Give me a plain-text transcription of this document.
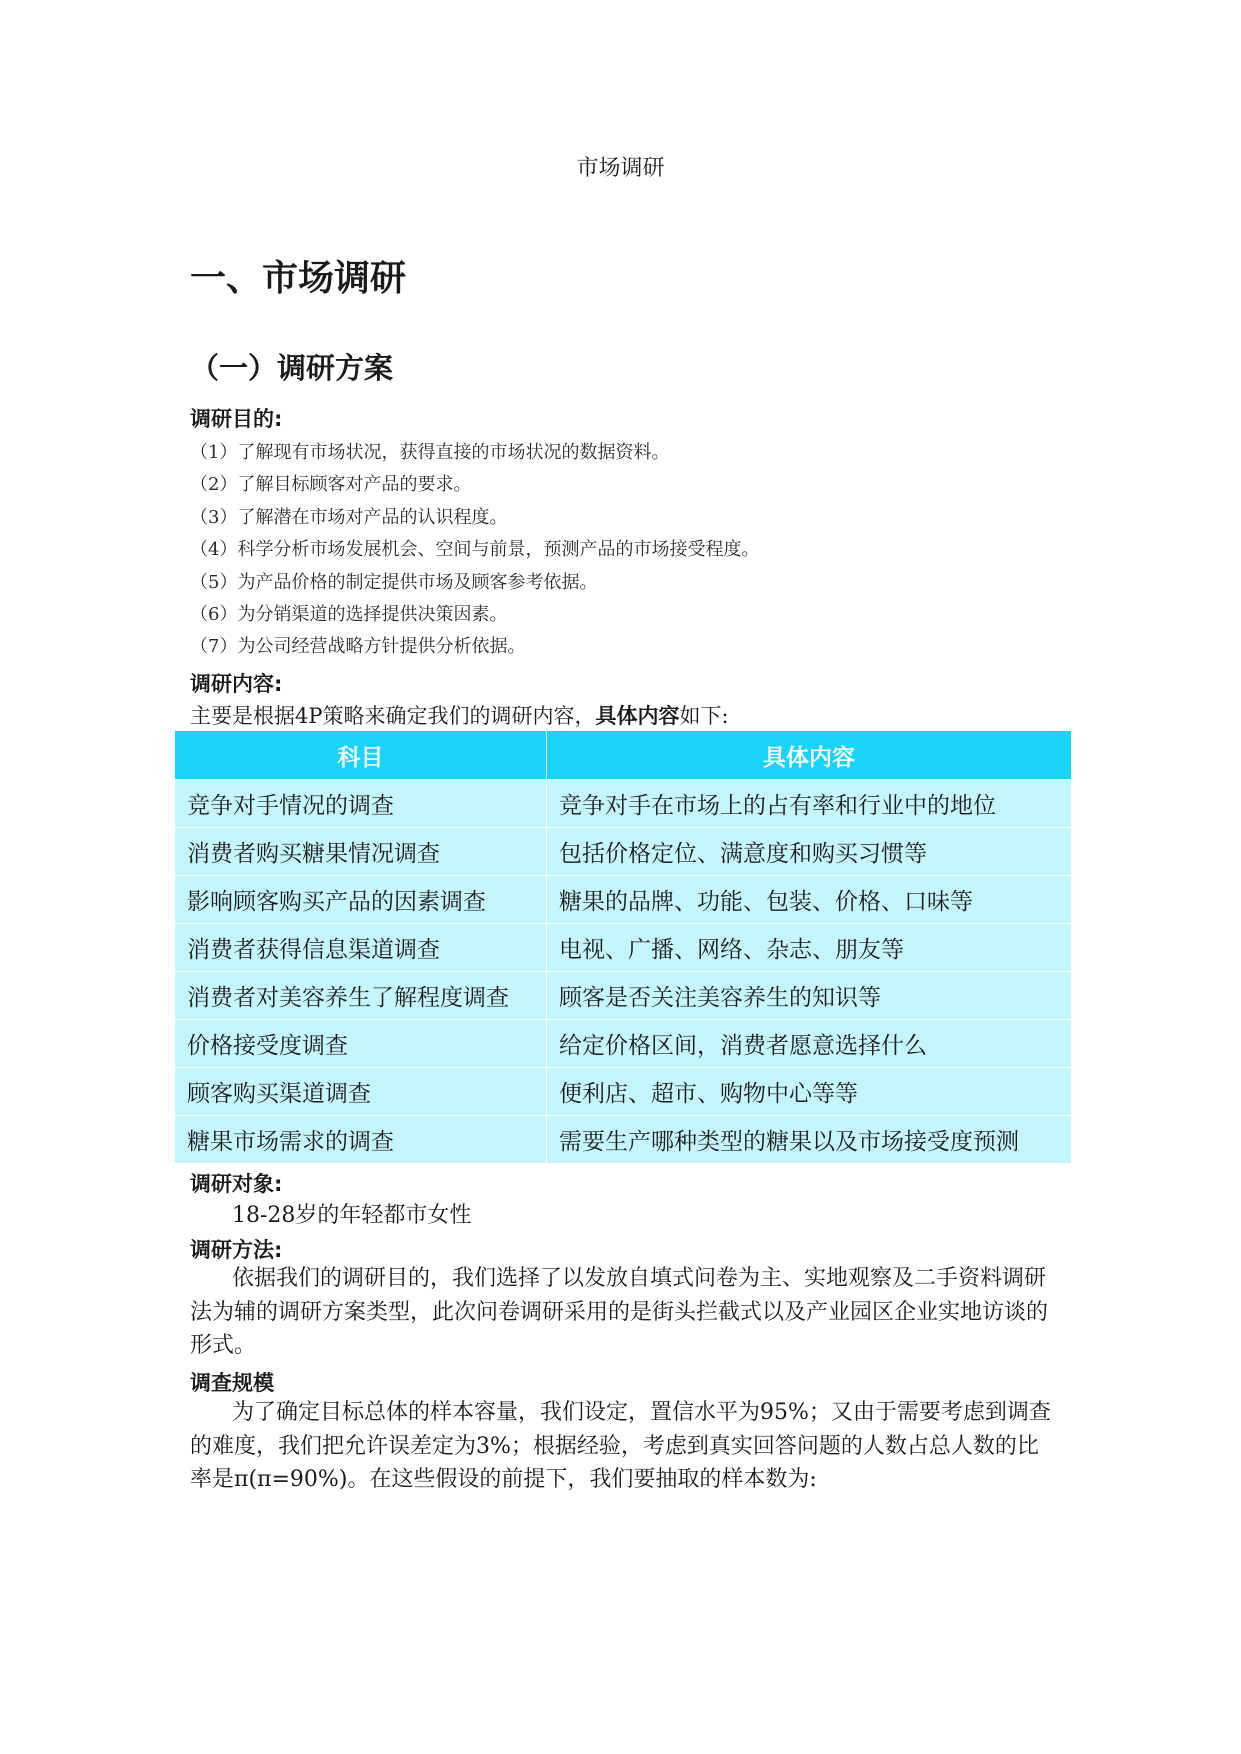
市场调研
一、市场调研
（一）调研方案
调研目的:
（1）了解现有市场状况，获得直接的市场状况的数据资料。
（2）了解目标顾客对产品的要求。
（3）了解潜在市场对产品的认识程度。
（4）科学分析市场发展机会、空间与前景，预测产品的市场接受程度。
（5）为产品价格的制定提供市场及顾客参考依据。
（6）为分销渠道的选择提供决策因素。
（7）为公司经营战略方针提供分析依据。
调研内容:
主要是根据4P策略来确定我们的调研内容，具体内容如下:
科目	具体内容
竞争对手情况的调查	竞争对手在市场上的占有率和行业中的地位
消费者购买糖果情况调查	包括价格定位、满意度和购买习惯等
影响顾客购买产品的因素调查	糖果的品牌、功能、包装、价格、口味等
消费者获得信息渠道调查	电视、广播、网络、杂志、朋友等
消费者对美容养生了解程度调查	顾客是否关注美容养生的知识等
价格接受度调查	给定价格区间，消费者愿意选择什么
顾客购买渠道调查	便利店、超市、购物中心等等
糖果市场需求的调查	需要生产哪种类型的糖果以及市场接受度预测
调研对象:
18-28岁的年轻都市女性
调研方法:
依据我们的调研目的，我们选择了以发放自填式问卷为主、实地观察及二手资料调研法为辅的调研方案类型，此次问卷调研采用的是街头拦截式以及产业园区企业实地访谈的形式。
调查规模
为了确定目标总体的样本容量，我们设定，置信水平为95%；又由于需要考虑到调查的难度，我们把允许误差定为3%；根据经验，考虑到真实回答问题的人数占总人数的比率是π(π=90%)。在这些假设的前提下，我们要抽取的样本数为:
